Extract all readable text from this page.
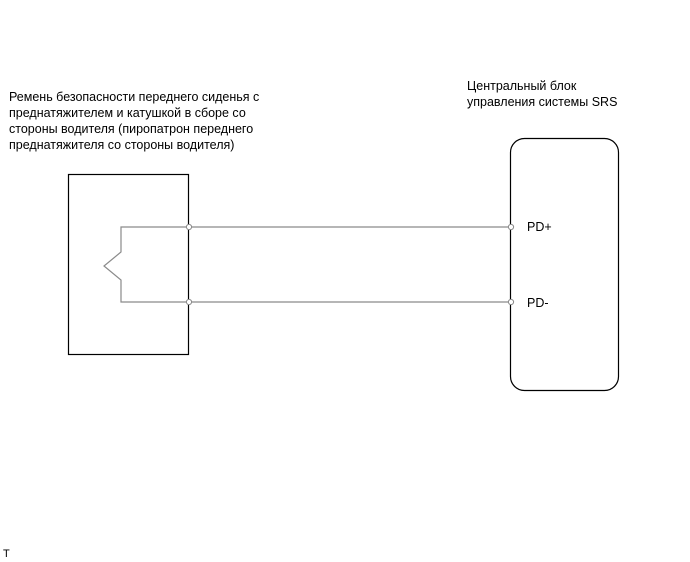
Ремень безопасности переднего сиденья с
преднатяжителем и катушкой в сборе со
стороны водителя (пиропатрон переднего
преднатяжителя со стороны водителя)
Центральный блок
управления системы SRS
PD+
PD-
T
